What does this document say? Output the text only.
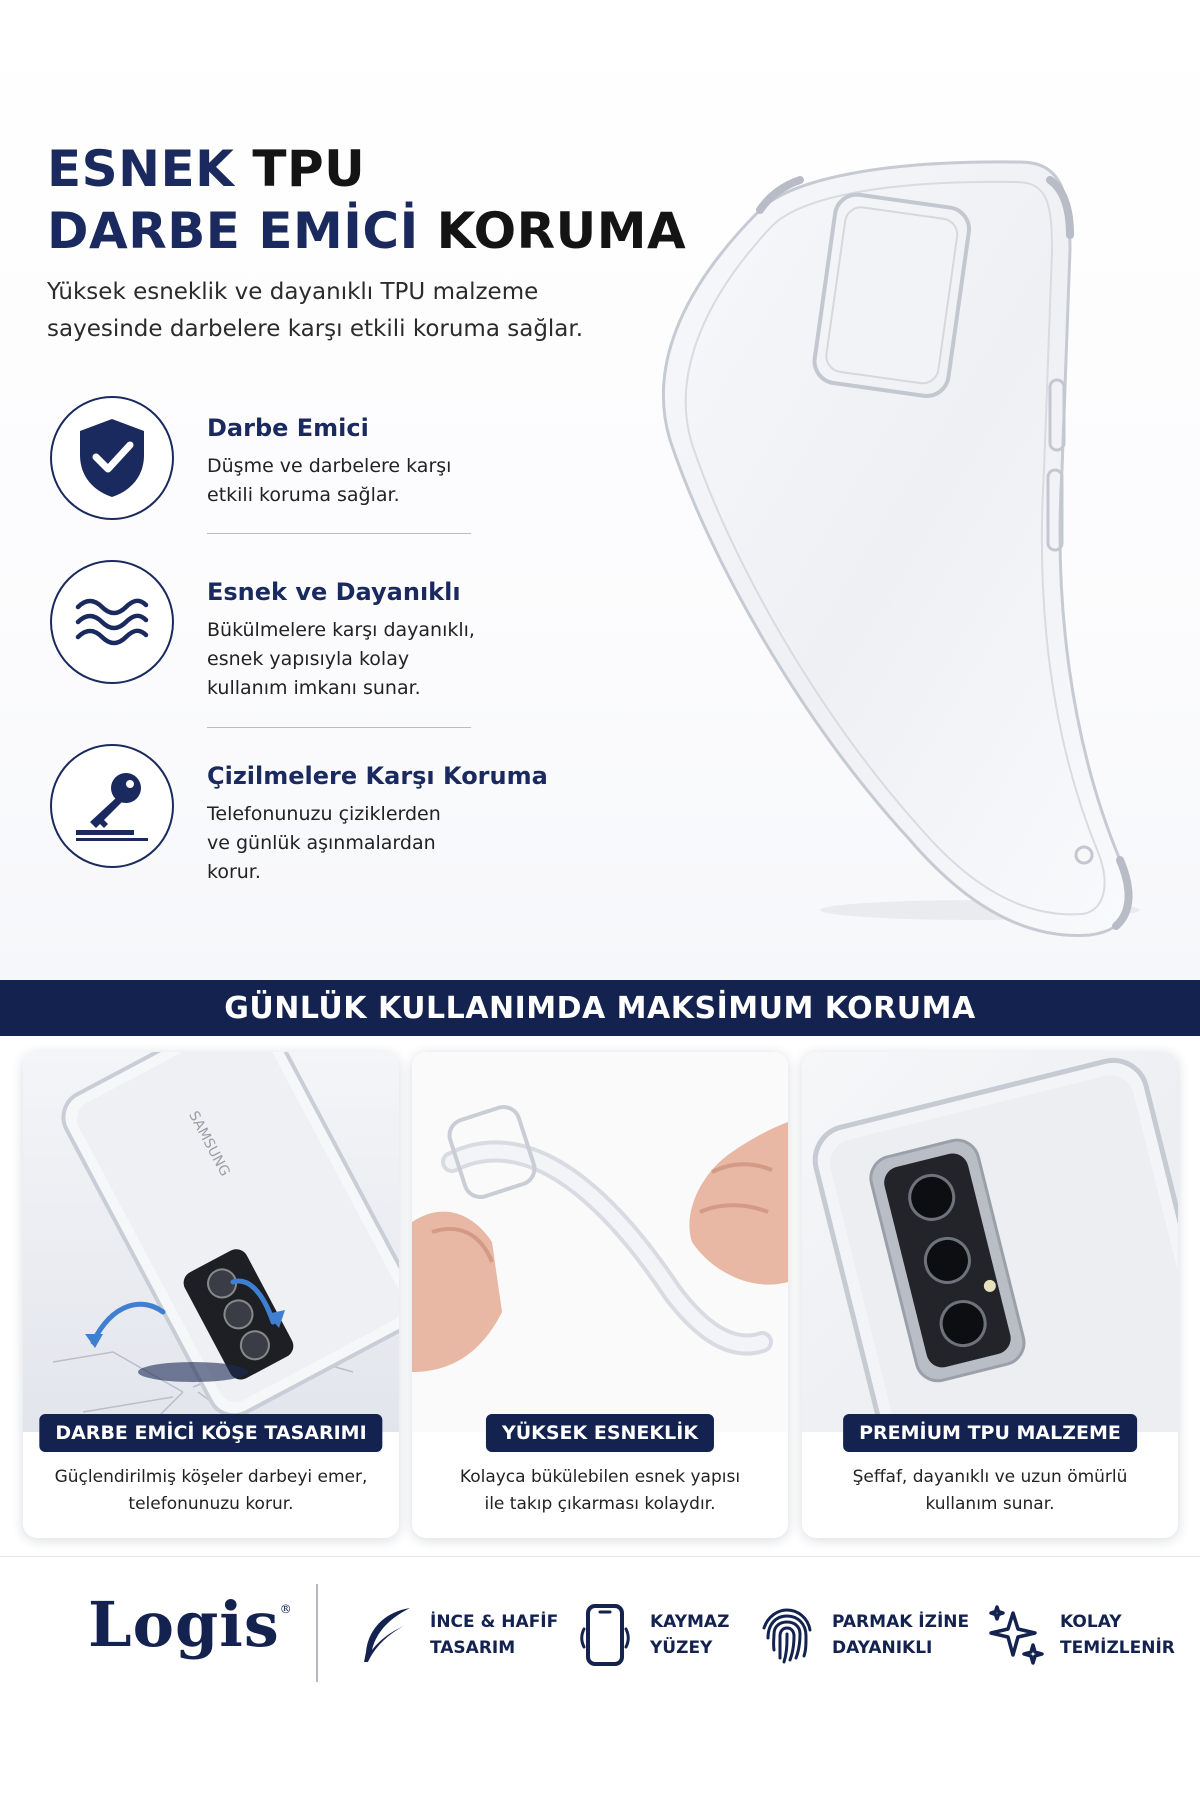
ESNEK TPU
DARBE EMİCİ KORUMA
Yüksek esneklik ve dayanıklı TPU malzeme
sayesinde darbelere karşı etkili koruma sağlar.
Darbe Emici
Düşme ve darbelere karşı
etkili koruma sağlar.
Esnek ve Dayanıklı
Bükülmelere karşı dayanıklı,
esnek yapısıyla kolay
kullanım imkanı sunar.
Çizilmelere Karşı Koruma
Telefonunuzu çiziklerden
ve günlük aşınmalardan
korur.
GÜNLÜK KULLANIMDA MAKSİMUM KORUMA
SAMSUNG
DARBE EMİCİ KÖŞE TASARIMI
Güçlendirilmiş köşeler darbeyi emer,
telefonunuzu korur.
YÜKSEK ESNEKLİK
Kolayca bükülebilen esnek yapısı
ile takıp çıkarması kolaydır.
PREMİUM TPU MALZEME
Şeffaf, dayanıklı ve uzun ömürlü
kullanım sunar.
Logis®
İNCE & HAFİF
TASARIM
KAYMAZ
YÜZEY
PARMAK İZİNE
DAYANIKLI
KOLAY
TEMİZLENİR
